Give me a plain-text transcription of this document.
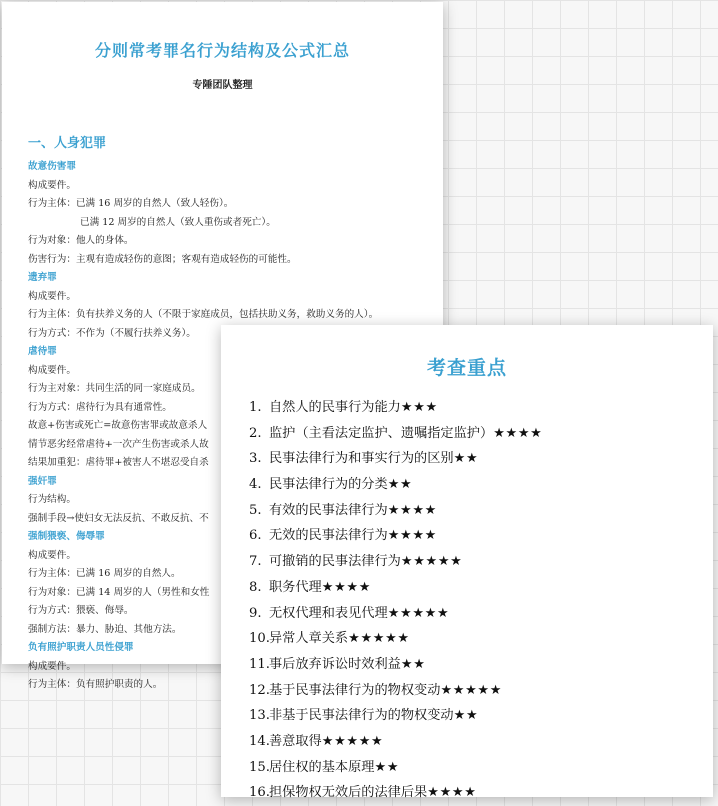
分则常考罪名行为结构及公式汇总
专陲团队整理
一、人身犯罪
故意伤害罪
构成要件。
行为主体：已满 16 周岁的自然人（致人轻伤）。
已满 12 周岁的自然人（致人重伤或者死亡）。
行为对象：他人的身体。
伤害行为：主观有造成轻伤的意图；客观有造成轻伤的可能性。
遗弃罪
构成要件。
行为主体：负有扶养义务的人（不限于家庭成员，包括扶助义务，救助义务的人）。
行为方式：不作为（不履行扶养义务）。
虐待罪
构成要件。
行为主对象：共同生活的同一家庭成员。
行为方式：虐待行为具有通常性。
故意+伤害或死亡=故意伤害罪或故意杀人
情节恶劣经常虐待+一次产生伤害或杀人故
结果加重犯：虐待罪+被害人不堪忍受自杀
强奸罪
行为结构。
强制手段→使妇女无法反抗、不敢反抗、不
强制猥亵、侮辱罪
构成要件。
行为主体：已满 16 周岁的自然人。
行为对象：已满 14 周岁的人（男性和女性
行为方式：猥亵、侮辱。
强制方法：暴力、胁迫、其他方法。
负有照护职责人员性侵罪
构成要件。
行为主体：负有照护职责的人。
考查重点
1. 自然人的民事行为能力★★★
2. 监护（主看法定监护、遗嘱指定监护）★★★★
3. 民事法律行为和事实行为的区别★★
4. 民事法律行为的分类★★
5. 有效的民事法律行为★★★★
6. 无效的民事法律行为★★★★
7. 可撤销的民事法律行为★★★★★
8. 职务代理★★★★
9. 无权代理和表见代理★★★★★
10.异常人章关系★★★★★
11.事后放弃诉讼时效利益★★
12.基于民事法律行为的物权变动★★★★★
13.非基于民事法律行为的物权变动★★
14.善意取得★★★★★
15.居住权的基本原理★★
16.担保物权无效后的法律后果★★★★
